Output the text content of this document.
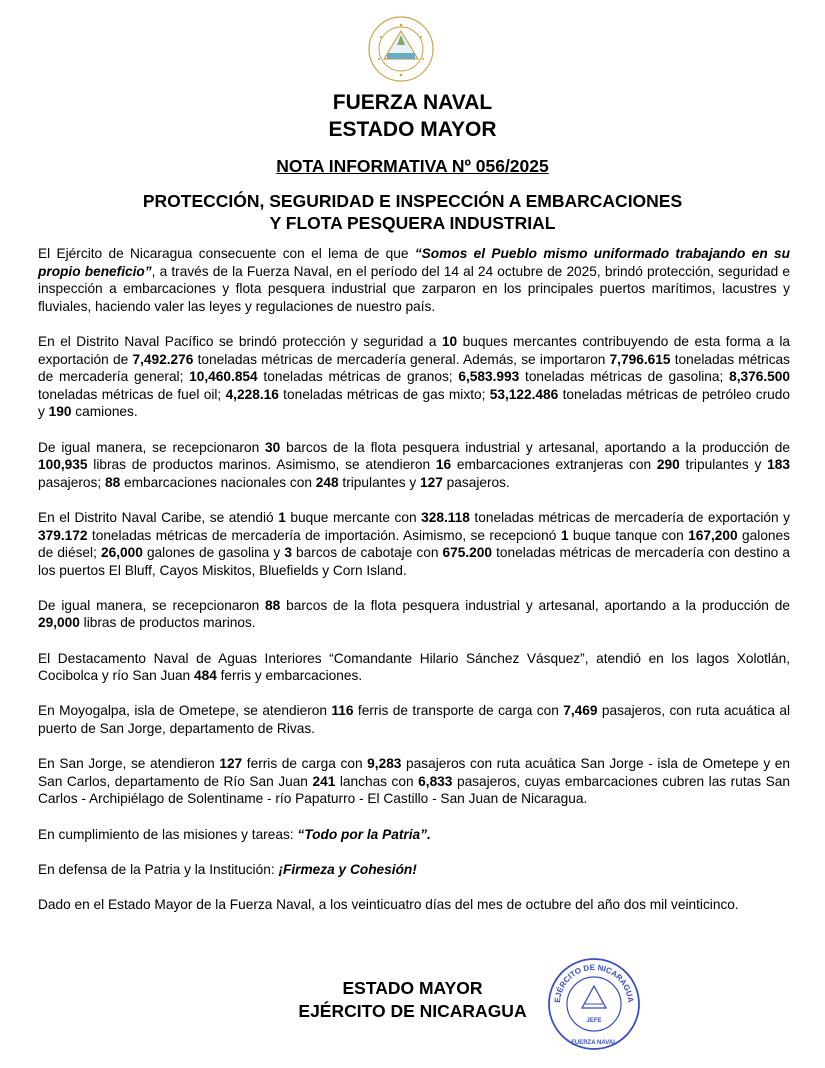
FUERZA NAVAL
ESTADO MAYOR
NOTA INFORMATIVA Nº 056/2025
PROTECCIÓN, SEGURIDAD E INSPECCIÓN A EMBARCACIONES
Y FLOTA PESQUERA INDUSTRIAL

El Ejército de Nicaragua consecuente con el lema de que “Somos el Pueblo mismo uniformado trabajando en su propio beneficio”, a través de la Fuerza Naval, en el período del 14 al 24 octubre de 2025, brindó protección, seguridad e inspección a embarcaciones y flota pesquera industrial que zarparon en los principales puertos marítimos, lacustres y fluviales, haciendo valer las leyes y regulaciones de nuestro país.

En el Distrito Naval Pacífico se brindó protección y seguridad a 10 buques mercantes contribuyendo de esta forma a la exportación de 7,492.276 toneladas métricas de mercadería general. Además, se importaron 7,796.615 toneladas métricas de mercadería general; 10,460.854 toneladas métricas de granos; 6,583.993 toneladas métricas de gasolina; 8,376.500 toneladas métricas de fuel oil; 4,228.16 toneladas métricas de gas mixto; 53,122.486 toneladas métricas de petróleo crudo y 190 camiones.

De igual manera, se recepcionaron 30 barcos de la flota pesquera industrial y artesanal, aportando a la producción de 100,935 libras de productos marinos. Asimismo, se atendieron 16 embarcaciones extranjeras con 290 tripulantes y 183 pasajeros; 88 embarcaciones nacionales con 248 tripulantes y 127 pasajeros.

En el Distrito Naval Caribe, se atendió 1 buque mercante con 328.118 toneladas métricas de mercadería de exportación y 379.172 toneladas métricas de mercadería de importación. Asimismo, se recepcionó 1 buque tanque con 167,200 galones de diésel; 26,000 galones de gasolina y 3 barcos de cabotaje con 675.200 toneladas métricas de mercadería con destino a los puertos El Bluff, Cayos Miskitos, Bluefields y Corn Island.

De igual manera, se recepcionaron 88 barcos de la flota pesquera industrial y artesanal, aportando a la producción de 29,000 libras de productos marinos.

El Destacamento Naval de Aguas Interiores “Comandante Hilario Sánchez Vásquez”, atendió en los lagos Xolotlán, Cocibolca y río San Juan 484 ferris y embarcaciones.

En Moyogalpa, isla de Ometepe, se atendieron 116 ferris de transporte de carga con 7,469 pasajeros, con ruta acuática al puerto de San Jorge, departamento de Rivas.

En San Jorge, se atendieron 127 ferris de carga con 9,283 pasajeros con ruta acuática San Jorge - isla de Ometepe y en San Carlos, departamento de Río San Juan 241 lanchas con 6,833 pasajeros, cuyas embarcaciones cubren las rutas San Carlos - Archipiélago de Solentiname - río Papaturro - El Castillo - San Juan de Nicaragua.

En cumplimiento de las misiones y tareas: “Todo por la Patria”.

En defensa de la Patria y la Institución: ¡Firmeza y Cohesión!

Dado en el Estado Mayor de la Fuerza Naval, a los veinticuatro días del mes de octubre del año dos mil veinticinco.

ESTADO MAYOR
EJÉRCITO DE NICARAGUA
EJÉRCITO DE NICARAGUA
JEFE
FUERZA NAVAL
